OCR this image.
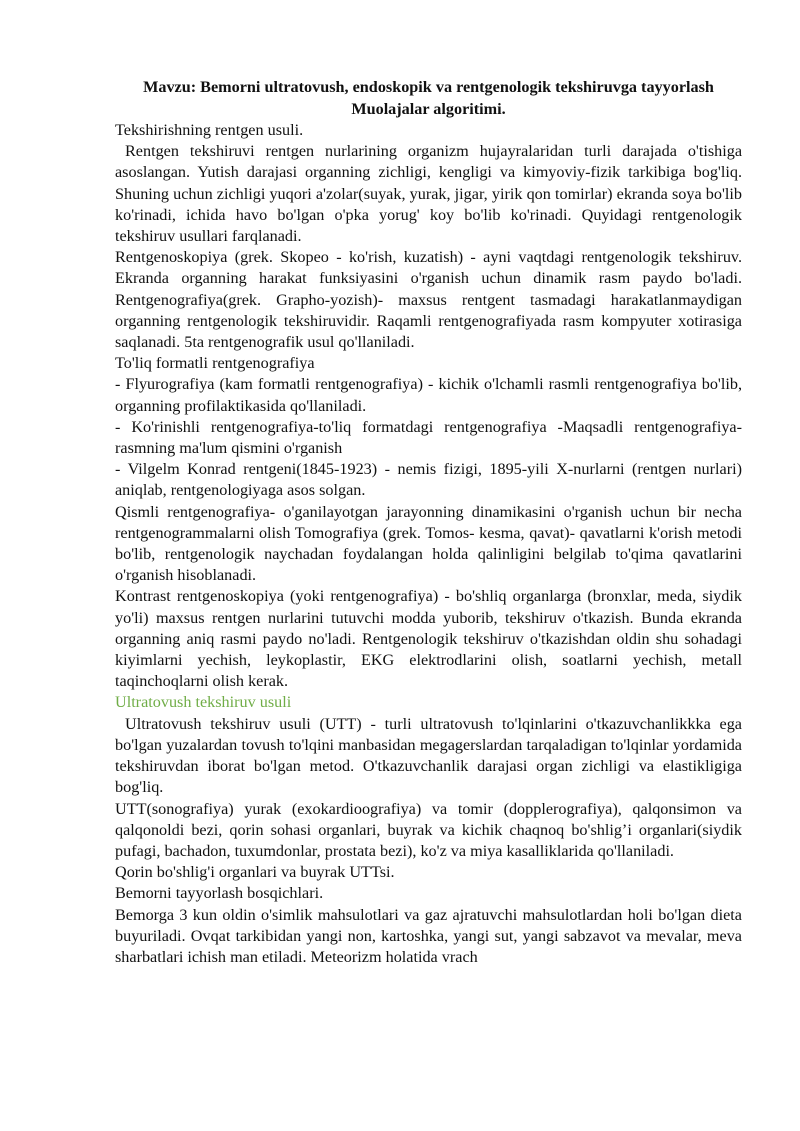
Mavzu: Bemorni ultratovush, endoskopik va rentgenologik tekshiruvga tayyorlash Muolajalar algoritimi.

Tekshirishning rentgen usuli.

Rentgen tekshiruvi rentgen nurlarining organizm hujayralaridan turli darajada o'tishiga asoslangan. Yutish darajasi organning zichligi, kengligi va kimyoviy-fizik tarkibiga bog'liq. Shuning uchun zichligi yuqori a'zolar(suyak, yurak, jigar, yirik qon tomirlar) ekranda soya bo'lib ko'rinadi, ichida havo bo'lgan o'pka yorug' koy bo'lib ko'rinadi. Quyidagi rentgenologik tekshiruv usullari farqlanadi.

Rentgenoskopiya (grek. Skopeo - ko'rish, kuzatish) - ayni vaqtdagi rentgenologik tekshiruv. Ekranda organning harakat funksiyasini o'rganish uchun dinamik rasm paydo bo'ladi. Rentgenografiya(grek. Grapho-yozish)- maxsus rentgent tasmadagi harakatlanmaydigan organning rentgenologik tekshiruvidir. Raqamli rentgenografiyada rasm kompyuter xotirasiga saqlanadi. 5ta rentgenografik usul qo'llaniladi.

To'liq formatli rentgenografiya

- Flyurografiya (kam formatli rentgenografiya) - kichik o'lchamli rasmli rentgenografiya bo'lib, organning profilaktikasida qo'llaniladi.

- Ko'rinishli rentgenografiya-to'liq formatdagi rentgenografiya -Maqsadli rentgenografiya-rasmning ma'lum qismini o'rganish

- Vilgelm Konrad rentgeni(1845-1923) - nemis fizigi, 1895-yili X-nurlarni (rentgen nurlari) aniqlab, rentgenologiyaga asos solgan.

Qismli rentgenografiya- o'ganilayotgan jarayonning dinamikasini o'rganish uchun bir necha rentgenogrammalarni olish Tomografiya (grek. Tomos- kesma, qavat)- qavatlarni k'orish metodi bo'lib, rentgenologik naychadan foydalangan holda qalinligini belgilab to'qima qavatlarini o'rganish hisoblanadi.

Kontrast rentgenoskopiya (yoki rentgenografiya) - bo'shliq organlarga (bronxlar, meda, siydik yo'li) maxsus rentgen nurlarini tutuvchi modda yuborib, tekshiruv o'tkazish. Bunda ekranda organning aniq rasmi paydo no'ladi. Rentgenologik tekshiruv o'tkazishdan oldin shu sohadagi kiyimlarni yechish, leykoplastir, EKG elektrodlarini olish, soatlarni yechish, metall taqinchoqlarni olish kerak.

Ultratovush tekshiruv usuli

Ultratovush tekshiruv usuli (UTT) - turli ultratovush to'lqinlarini o'tkazuvchanlikkka ega bo'lgan yuzalardan tovush to'lqini manbasidan megagerslardan tarqaladigan to'lqinlar yordamida tekshiruvdan iborat bo'lgan metod. O'tkazuvchanlik darajasi organ zichligi va elastikligiga bog'liq.

UTT(sonografiya) yurak (exokardioografiya) va tomir (dopplerografiya), qalqonsimon va qalqonoldi bezi, qorin sohasi organlari, buyrak va kichik chaqnoq bo'shlig’i organlari(siydik pufagi, bachadon, tuxumdonlar, prostata bezi), ko'z va miya kasalliklarida qo'llaniladi.

Qorin bo'shlig'i organlari va buyrak UTTsi.

Bemorni tayyorlash bosqichlari.

Bemorga 3 kun oldin o'simlik mahsulotlari va gaz ajratuvchi mahsulotlardan holi bo'lgan dieta buyuriladi. Ovqat tarkibidan yangi non, kartoshka, yangi sut, yangi sabzavot va mevalar, meva sharbatlari ichish man etiladi. Meteorizm holatida vrach
